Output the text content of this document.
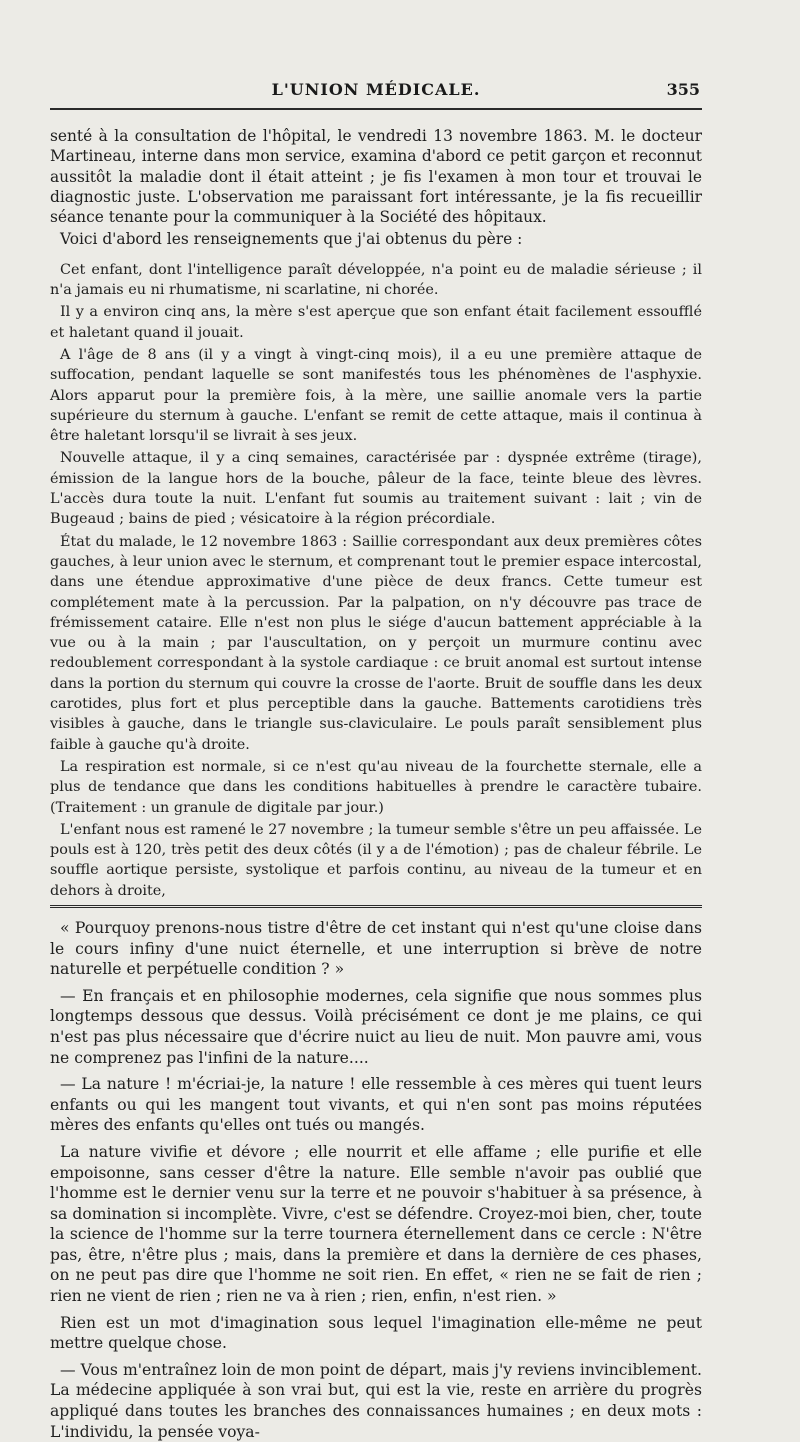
L'UNION MÉDICALE.	355

senté à la consultation de l'hôpital, le vendredi 13 novembre 1863. M. le docteur Martineau, interne dans mon service, examina d'abord ce petit garçon et reconnut aussitôt la maladie dont il était atteint ; je fis l'examen à mon tour et trouvai le diagnostic juste. L'observation me paraissant fort intéressante, je la fis recueillir séance tenante pour la communiquer à la Société des hôpitaux.

Voici d'abord les renseignements que j'ai obtenus du père :

Cet enfant, dont l'intelligence paraît développée, n'a point eu de maladie sérieuse ; il n'a jamais eu ni rhumatisme, ni scarlatine, ni chorée.

Il y a environ cinq ans, la mère s'est aperçue que son enfant était facilement essoufflé et haletant quand il jouait.

A l'âge de 8 ans (il y a vingt à vingt-cinq mois), il a eu une première attaque de suffocation, pendant laquelle se sont manifestés tous les phénomènes de l'asphyxie. Alors apparut pour la première fois, à la mère, une saillie anomale vers la partie supérieure du sternum à gauche. L'enfant se remit de cette attaque, mais il continua à être haletant lorsqu'il se livrait à ses jeux.

Nouvelle attaque, il y a cinq semaines, caractérisée par : dyspnée extrême (tirage), émission de la langue hors de la bouche, pâleur de la face, teinte bleue des lèvres. L'accès dura toute la nuit. L'enfant fut soumis au traitement suivant : lait ; vin de Bugeaud ; bains de pied ; vésicatoire à la région précordiale.

État du malade, le 12 novembre 1863 : Saillie correspondant aux deux premières côtes gauches, à leur union avec le sternum, et comprenant tout le premier espace intercostal, dans une étendue approximative d'une pièce de deux francs. Cette tumeur est complétement mate à la percussion. Par la palpation, on n'y découvre pas trace de frémissement cataire. Elle n'est non plus le siége d'aucun battement appréciable à la vue ou à la main ; par l'auscultation, on y perçoit un murmure continu avec redoublement correspondant à la systole cardiaque : ce bruit anomal est surtout intense dans la portion du sternum qui couvre la crosse de l'aorte. Bruit de souffle dans les deux carotides, plus fort et plus perceptible dans la gauche. Battements carotidiens très visibles à gauche, dans le triangle sus-claviculaire. Le pouls paraît sensiblement plus faible à gauche qu'à droite.

La respiration est normale, si ce n'est qu'au niveau de la fourchette sternale, elle a plus de tendance que dans les conditions habituelles à prendre le caractère tubaire. (Traitement : un granule de digitale par jour.)

L'enfant nous est ramené le 27 novembre ; la tumeur semble s'être un peu affaissée. Le pouls est à 120, très petit des deux côtés (il y a de l'émotion) ; pas de chaleur fébrile. Le souffle aortique persiste, systolique et parfois continu, au niveau de la tumeur et en dehors à droite,

« Pourquoy prenons-nous tistre d'être de cet instant qui n'est qu'une cloise dans le cours infiny d'une nuict éternelle, et une interruption si brève de notre naturelle et perpétuelle condition ? »

— En français et en philosophie modernes, cela signifie que nous sommes plus longtemps dessous que dessus. Voilà précisément ce dont je me plains, ce qui n'est pas plus nécessaire que d'écrire nuict au lieu de nuit. Mon pauvre ami, vous ne comprenez pas l'infini de la nature....

— La nature ! m'écriai-je, la nature ! elle ressemble à ces mères qui tuent leurs enfants ou qui les mangent tout vivants, et qui n'en sont pas moins réputées mères des enfants qu'elles ont tués ou mangés.

La nature vivifie et dévore ; elle nourrit et elle affame ; elle purifie et elle empoisonne, sans cesser d'être la nature. Elle semble n'avoir pas oublié que l'homme est le dernier venu sur la terre et ne pouvoir s'habituer à sa présence, à sa domination si incomplète. Vivre, c'est se défendre. Croyez-moi bien, cher, toute la science de l'homme sur la terre tournera éternellement dans ce cercle : N'être pas, être, n'être plus ; mais, dans la première et dans la dernière de ces phases, on ne peut pas dire que l'homme ne soit rien. En effet, « rien ne se fait de rien ; rien ne vient de rien ; rien ne va à rien ; rien, enfin, n'est rien. »

Rien est un mot d'imagination sous lequel l'imagination elle-même ne peut mettre quelque chose.

— Vous m'entraînez loin de mon point de départ, mais j'y reviens invinciblement. La médecine appliquée à son vrai but, qui est la vie, reste en arrière du progrès appliqué dans toutes les branches des connaissances humaines ; en deux mots : L'individu, la pensée voya-
